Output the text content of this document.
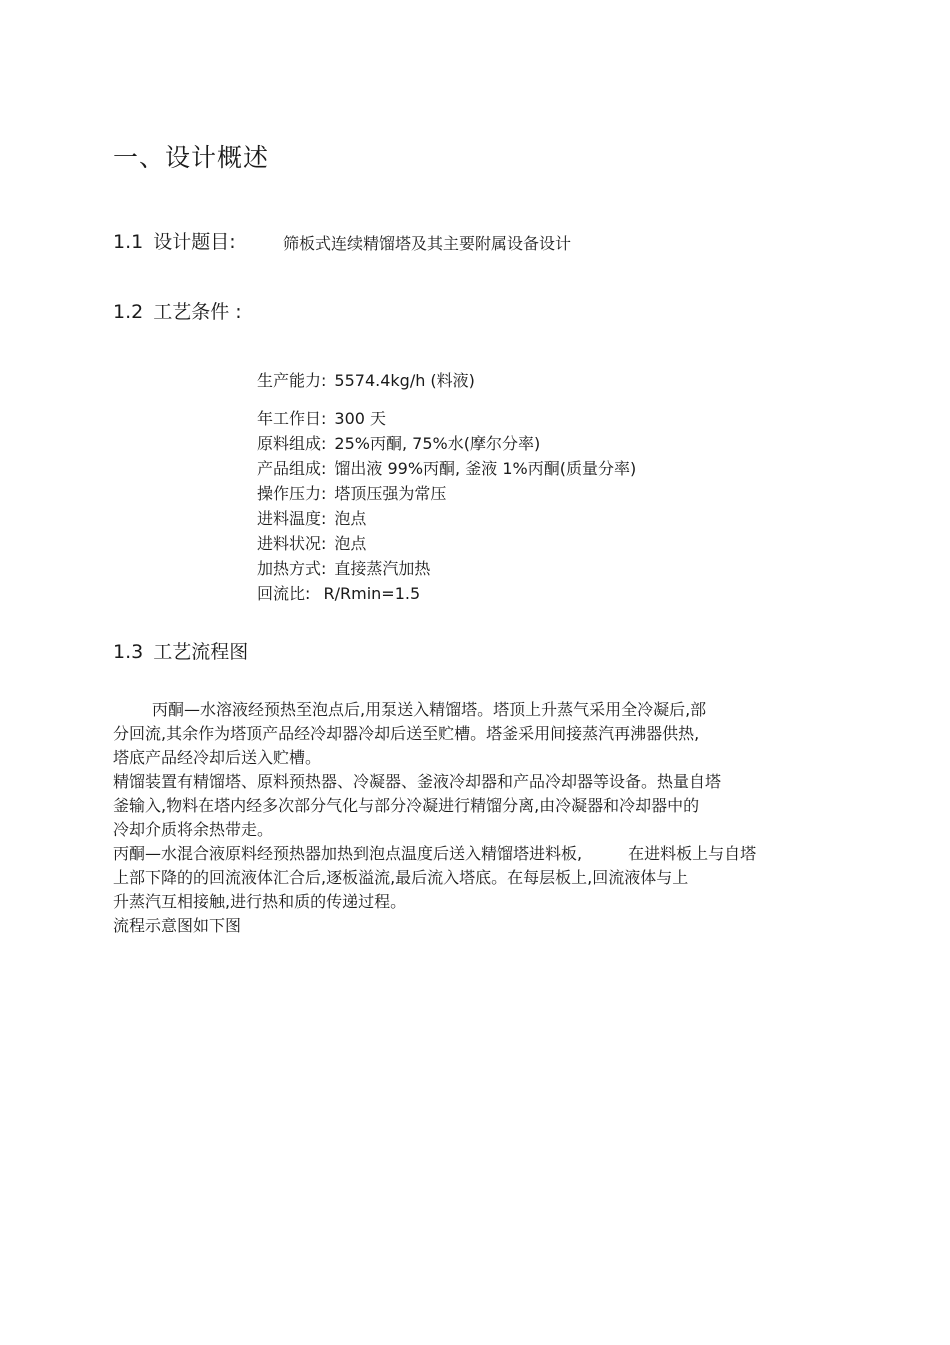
一、设计概述
1.1 设计题目:	筛板式连续精馏塔及其主要附属设备设计
1.2 工艺条件 :
生产能力: 5574.4kg/h (料液)
年工作日: 300 天
原料组成: 25%丙酮, 75%水(摩尔分率)
产品组成: 馏出液 99%丙酮, 釜液 1%丙酮(质量分率)
操作压力: 塔顶压强为常压
进料温度: 泡点
进料状况: 泡点
加热方式: 直接蒸汽加热
回流比: R/Rmin=1.5
1.3 工艺流程图
丙酮—水溶液经预热至泡点后,用泵送入精馏塔。塔顶上升蒸气采用全冷凝后,部
分回流,其余作为塔顶产品经冷却器冷却后送至贮槽。塔釜采用间接蒸汽再沸器供热,
塔底产品经冷却后送入贮槽。
精馏装置有精馏塔、原料预热器、冷凝器、釜液冷却器和产品冷却器等设备。热量自塔
釜输入,物料在塔内经多次部分气化与部分冷凝进行精馏分离,由冷凝器和冷却器中的
冷却介质将余热带走。
丙酮—水混合液原料经预热器加热到泡点温度后送入精馏塔进料板,	在进料板上与自塔
上部下降的的回流液体汇合后,逐板溢流,最后流入塔底。在每层板上,回流液体与上
升蒸汽互相接触,进行热和质的传递过程。
流程示意图如下图
